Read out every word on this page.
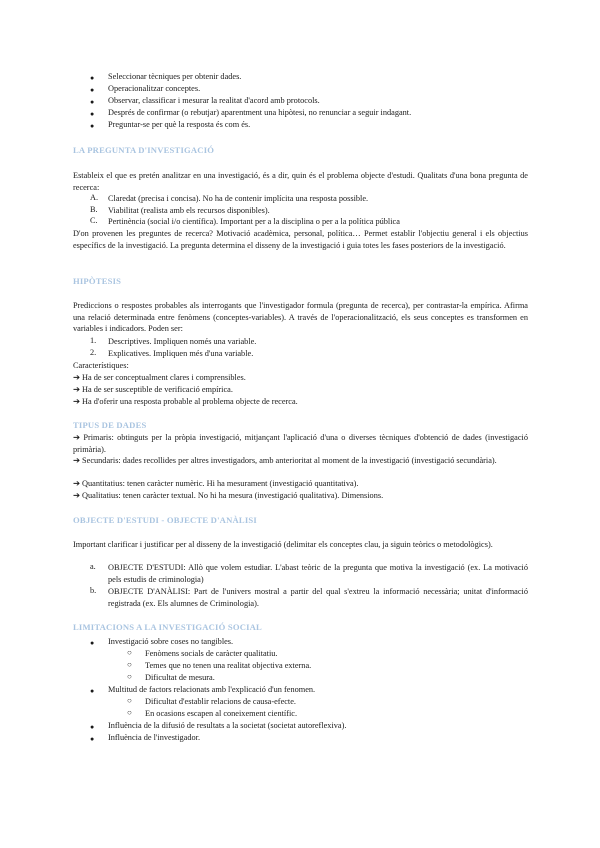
● Seleccionar tècniques per obtenir dades.
● Operacionalitzar conceptes.
● Observar, classificar i mesurar la realitat d'acord amb protocols.
● Després de confirmar (o rebutjar) aparentment una hipòtesi, no renunciar a seguir indagant.
● Preguntar-se per què la resposta és com és.
LA PREGUNTA D'INVESTIGACIÓ

Estableix el que es pretén analitzar en una investigació, és a dir, quin és el problema objecte d'estudi. Qualitats d'una bona pregunta de recerca:

A. Claredat (precisa i concisa). No ha de contenir implícita una resposta possible.
B. Viabilitat (realista amb els recursos disponibles).
C. Pertinència (social i/o científica). Important per a la disciplina o per a la política pública

D'on provenen les preguntes de recerca? Motivació acadèmica, personal, política… Permet establir l'objectiu general i els objectius específics de la investigació. La pregunta determina el disseny de la investigació i guia totes les fases posteriors de la investigació.

HIPÒTESIS

Prediccions o respostes probables als interrogants que l'investigador formula (pregunta de recerca), per contrastar-la empírica. Afirma una relació determinada entre fenòmens (conceptes-variables). A través de l'operacionalització, els seus conceptes es transformen en variables i indicadors. Poden ser:

1. Descriptives. Impliquen només una variable.
2. Explicatives. Impliquen més d'una variable.
Característiques:
➔ Ha de ser conceptualment clares i comprensibles.
➔ Ha de ser susceptible de verificació empírica.
➔ Ha d'oferir una resposta probable al problema objecte de recerca.
TIPUS DE DADES

➔ Primaris: obtinguts per la pròpia investigació, mitjançant l'aplicació d'una o diverses tècniques d'obtenció de dades (investigació primària).

➔ Secundaris: dades recollides per altres investigadors, amb anterioritat al moment de la investigació (investigació secundària).

➔ Quantitatius: tenen caràcter numèric. Hi ha mesurament (investigació quantitativa).

➔ Qualitatius: tenen caràcter textual. No hi ha mesura (investigació qualitativa). Dimensions.

OBJECTE D'ESTUDI - OBJECTE D'ANÀLISI

Important clarificar i justificar per al disseny de la investigació (delimitar els conceptes clau, ja siguin teòrics o metodològics).

a. OBJECTE D'ESTUDI: Allò que volem estudiar. L'abast teòric de la pregunta que motiva la investigació (ex. La motivació pels estudis de criminologia)
b. OBJECTE D'ANÀLISI: Part de l'univers mostral a partir del qual s'extreu la informació necessària; unitat d'informació registrada (ex. Els alumnes de Criminologia).
LIMITACIONS A LA INVESTIGACIÓ SOCIAL
● Investigació sobre coses no tangibles.
○ Fenòmens socials de caràcter qualitatiu.
○ Temes que no tenen una realitat objectiva externa.
○ Dificultat de mesura.
● Multitud de factors relacionats amb l'explicació d'un fenomen.
○ Dificultat d'establir relacions de causa-efecte.
○ En ocasions escapen al coneixement científic.
● Influència de la difusió de resultats a la societat (societat autoreflexiva).
● Influència de l'investigador.
